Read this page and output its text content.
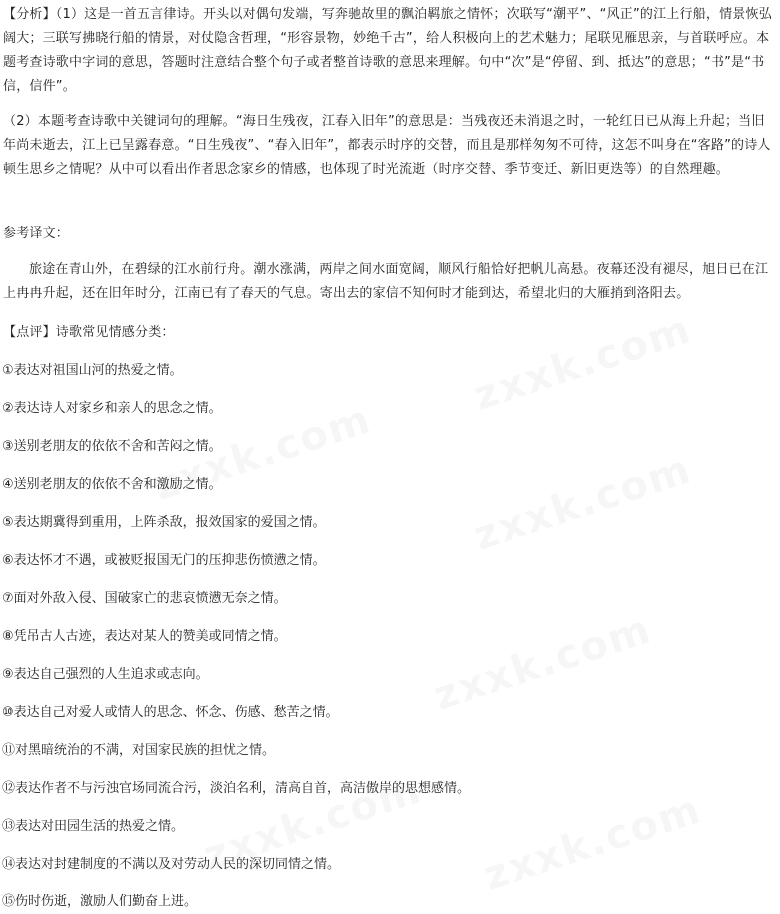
【分析】（1）这是一首五言律诗。开头以对偶句发端，写奔驰故里的飘泊羁旅之情怀；次联写“潮平”、“风正”的江上行船，情景恢弘阔大；三联写拂晓行船的情景，对仗隐含哲理，“形容景物，妙绝千古”，给人积极向上的艺术魅力；尾联见雁思亲，与首联呼应。本题考查诗歌中字词的意思，答题时注意结合整个句子或者整首诗歌的意思来理解。句中“次”是“停留、到、抵达”的意思；“书”是“书信，信件”。

（2）本题考查诗歌中关键词句的理解。“海日生残夜，江春入旧年”的意思是：当残夜还未消退之时，一轮红日已从海上升起；当旧年尚未逝去，江上已呈露春意。“日生残夜”、“春入旧年”，都表示时序的交替，而且是那样匆匆不可待，这怎不叫身在“客路”的诗人顿生思乡之情呢？从中可以看出作者思念家乡的情感，也体现了时光流逝（时序交替、季节变迁、新旧更迭等）的自然理趣。

参考译文：

旅途在青山外，在碧绿的江水前行舟。潮水涨满，两岸之间水面宽阔，顺风行船恰好把帆儿高悬。夜幕还没有褪尽，旭日已在江上冉冉升起，还在旧年时分，江南已有了春天的气息。寄出去的家信不知何时才能到达，希望北归的大雁捎到洛阳去。

【点评】诗歌常见情感分类：

①表达对祖国山河的热爱之情。

②表达诗人对家乡和亲人的思念之情。

③送别老朋友的依依不舍和苦闷之情。

④送别老朋友的依依不舍和激励之情。

⑤表达期冀得到重用，上阵杀敌，报效国家的爱国之情。

⑥表达怀才不遇，或被贬报国无门的压抑悲伤愤懑之情。

⑦面对外敌入侵、国破家亡的悲哀愤懑无奈之情。

⑧凭吊古人古迹，表达对某人的赞美或同情之情。

⑨表达自己强烈的人生追求或志向。

⑩表达自己对爱人或情人的思念、怀念、伤感、愁苦之情。

⑪对黑暗统治的不满，对国家民族的担忧之情。

⑫表达作者不与污浊官场同流合污，淡泊名利，清高自首，高洁傲岸的思想感情。

⑬表达对田园生活的热爱之情。

⑭表达对封建制度的不满以及对劳动人民的深切同情之情。

⑮伤时伤逝，激励人们勤奋上进。
